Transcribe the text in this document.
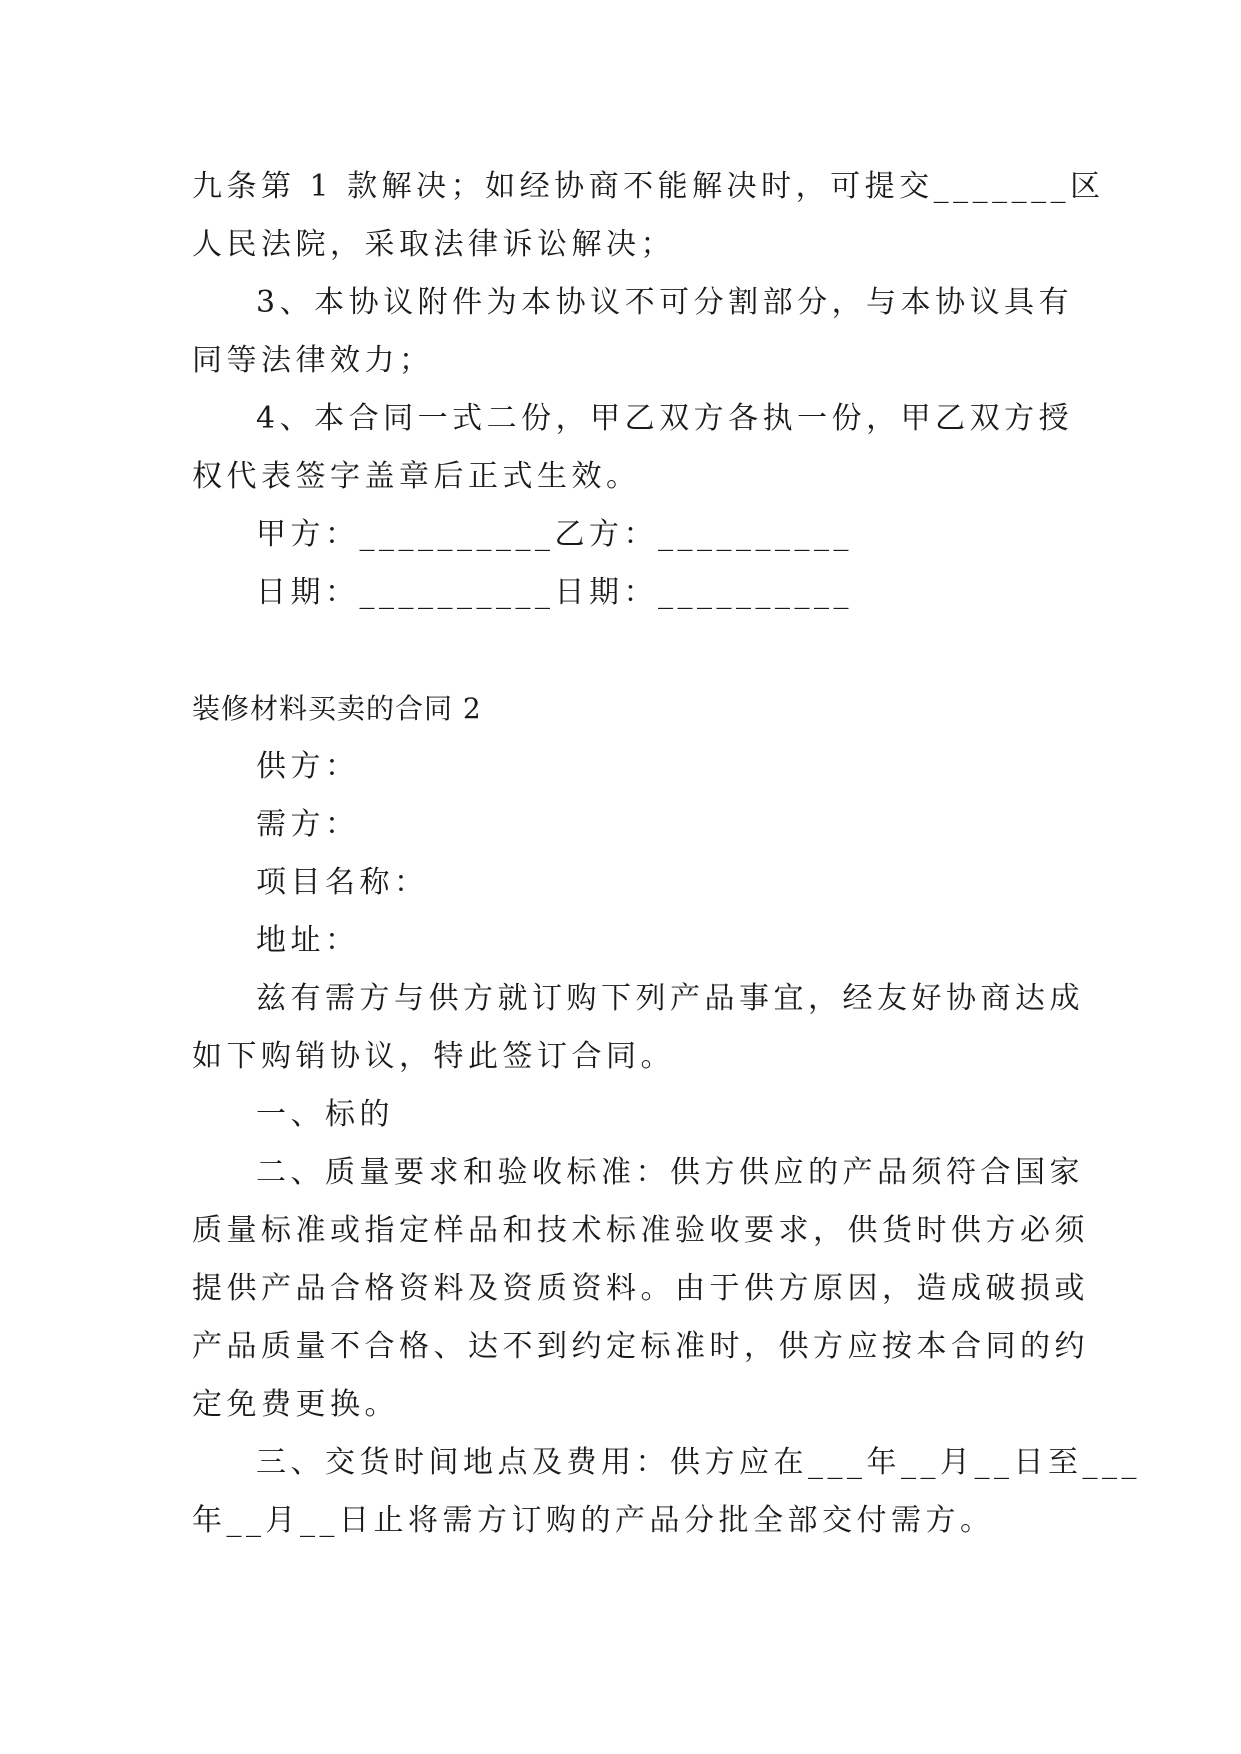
九条第 1 款解决；如经协商不能解决时，可提交_______区
人民法院，采取法律诉讼解决；
3、本协议附件为本协议不可分割部分，与本协议具有
同等法律效力；
4、本合同一式二份，甲乙双方各执一份，甲乙双方授
权代表签字盖章后正式生效。
甲方：__________乙方：__________
日期：__________日期：__________
装修材料买卖的合同 2
供方：
需方：
项目名称：
地址：
兹有需方与供方就订购下列产品事宜，经友好协商达成
如下购销协议，特此签订合同。
一、标的
二、质量要求和验收标准：供方供应的产品须符合国家
质量标准或指定样品和技术标准验收要求，供货时供方必须
提供产品合格资料及资质资料。由于供方原因，造成破损或
产品质量不合格、达不到约定标准时，供方应按本合同的约
定免费更换。
三、交货时间地点及费用：供方应在___年__月__日至___
年__月__日止将需方订购的产品分批全部交付需方。
